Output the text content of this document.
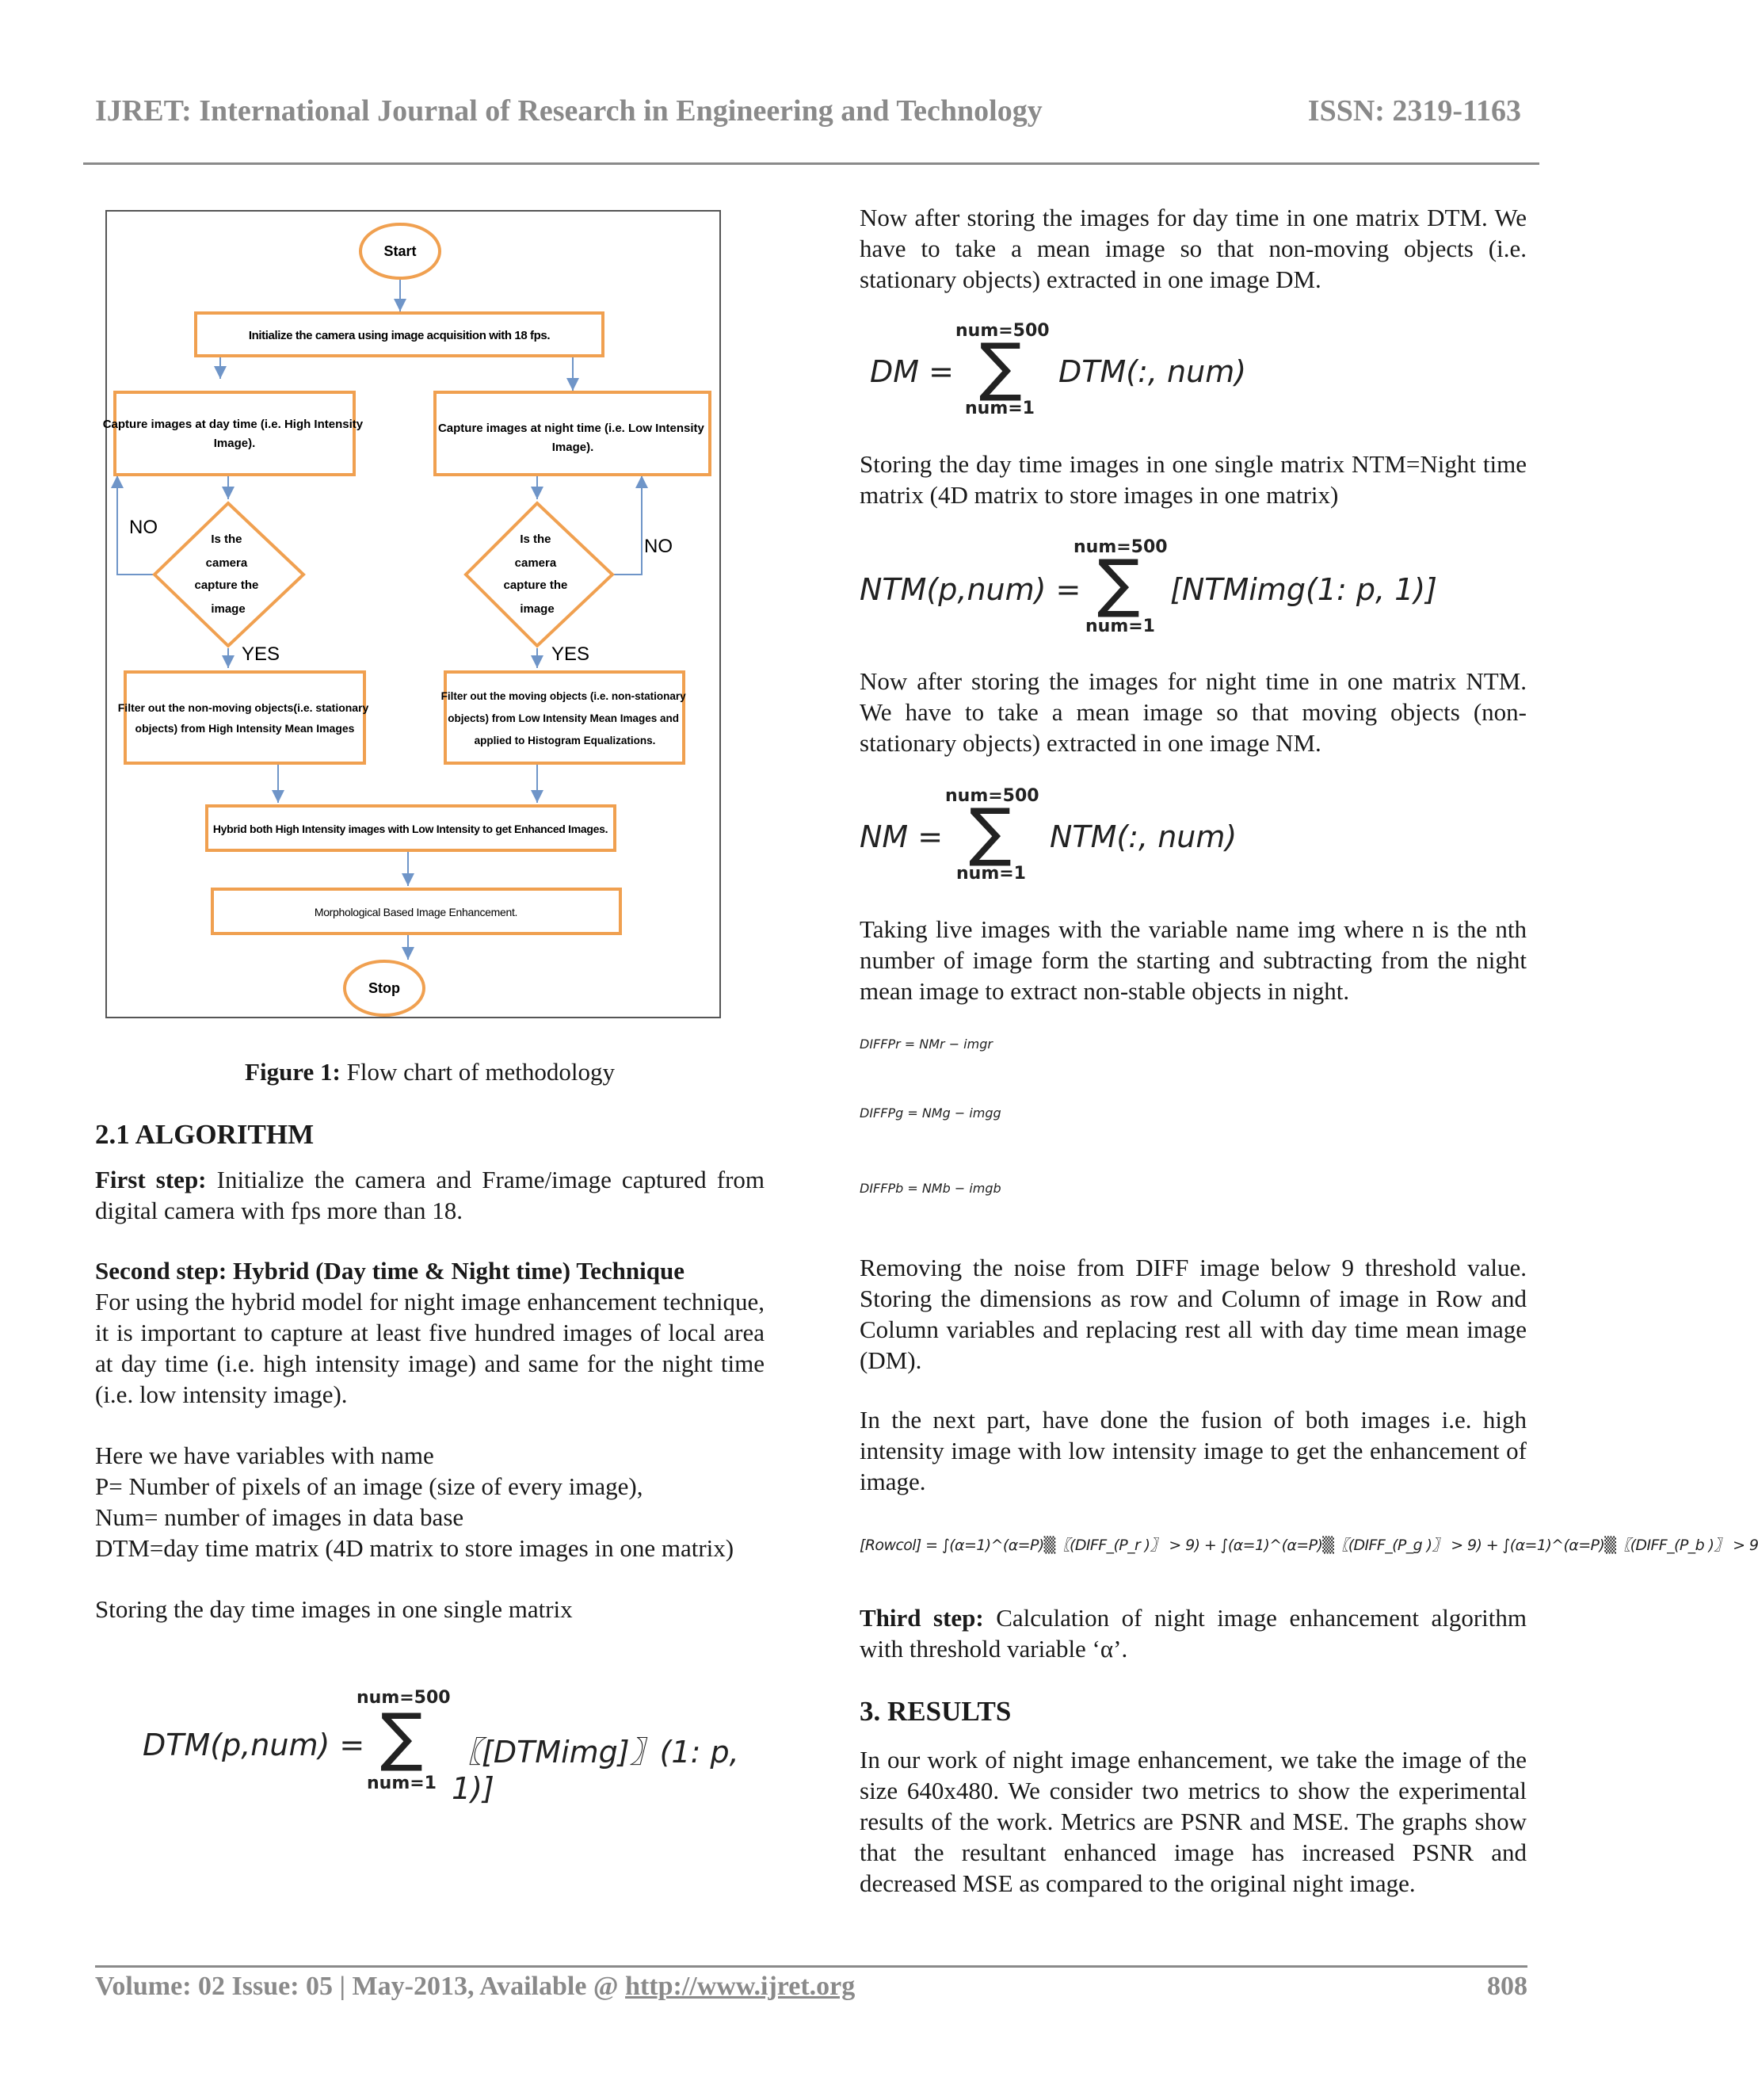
IJRET: International Journal of Research in Engineering and Technology	ISSN: 2319-1163
Start
Initialize the camera using image acquisition with 18 fps.
Capture images at day time (i.e. High Intensity Image).
Capture images at night time (i.e. Low Intensity Image).
Is the camera capture the image
Is the camera capture the image
NO
NO
YES	YES
Filter out the non-moving objects(i.e. stationary objects) from High Intensity Mean Images
Filter out the moving objects (i.e. non-stationary objects) from Low Intensity Mean Images and applied to Histogram Equalizations.
Hybrid both High Intensity images with Low Intensity to get Enhanced Images.
Morphological Based Image Enhancement.
Stop
Figure 1: Flow chart of methodology

2.1 ALGORITHM

First step: Initialize the camera and Frame/image captured from digital camera with fps more than 18.

Second step: Hybrid (Day time & Night time) Technique

For using the hybrid model for night image enhancement technique, it is important to capture at least five hundred images of local area at day time (i.e. high intensity image) and same for the night time (i.e. low intensity image).

Here we have variables with name

P= Number of pixels of an image (size of every image),

Num= number of images in data base

DTM=day time matrix (4D matrix to store images in one matrix)

Storing the day time images in one single matrix

DTM(p,num) =
num=500
∑
num=1
〖[DTMimg]〗(1: p, 1)]
Now after storing the images for day time in one matrix DTM. We have to take a mean image so that non-moving objects (i.e. stationary objects) extracted in one image DM.
DM =
num=500
∑
num=1
DTM(:, num)
Storing the day time images in one single matrix NTM=Night time matrix (4D matrix to store images in one matrix)
NTM(p,num) =
num=500
∑
num=1
[NTMimg(1: p, 1)]
Now after storing the images for night time in one matrix NTM. We have to take a mean image so that moving objects (non-stationary objects) extracted in one image NM.
NM =
num=500
∑
num=1
NTM(:, num)
Taking live images with the variable name img where n is the nth number of image form the starting and subtracting from the night mean image to extract non-stable objects in night.
DIFFPr = NMr − imgr
DIFFPg = NMg − imgg
DIFFPb = NMb − imgb
Removing the noise from DIFF image below 9 threshold value. Storing the dimensions as row and Column of image in Row and Column variables and replacing rest all with day time mean image (DM).
In the next part, have done the fusion of both images i.e. high intensity image with low intensity image to get the enhancement of image.
[Rowcol] = ∫(α=1)^(α=P)▒〖(DIFF_(P_r )〗 > 9) + ∫(α=1)^(α=P)▒〖(DIFF_(P_g )〗 > 9) + ∫(α=1)^(α=P)▒〖(DIFF_(P_b )〗 > 9
Third step: Calculation of night image enhancement algorithm with threshold variable ‘α’.
3. RESULTS
In our work of night image enhancement, we take the image of the size 640x480. We consider two metrics to show the experimental results of the work. Metrics are PSNR and MSE. The graphs show that the resultant enhanced image has increased PSNR and decreased MSE as compared to the original night image.
Volume: 02 Issue: 05 | May-2013, Available @ http://www.ijret.org	808
